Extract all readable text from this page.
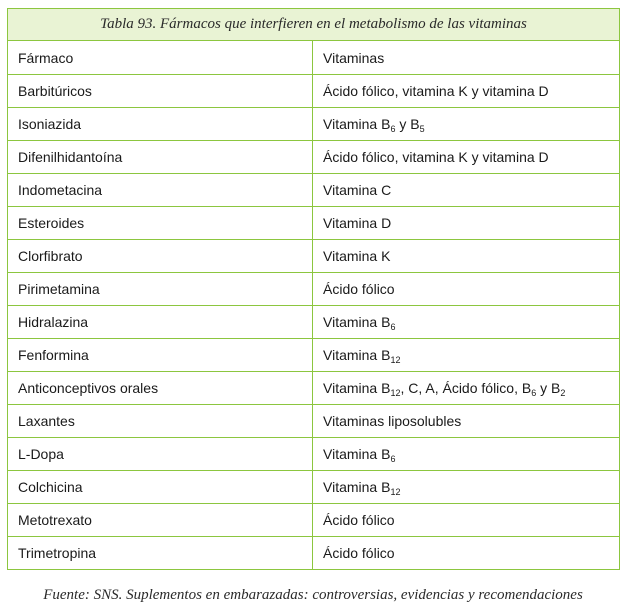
Tabla 93. Fármacos que interfieren en el metabolismo de las vitaminas	
Fármaco	Vitaminas
Barbitúricos	Ácido fólico, vitamina K y vitamina D
Isoniazida	Vitamina $B_6$ y $B_5$
Difenilhidantoína	Ácido fólico, vitamina K y vitamina D
Indometacina	Vitamina C
Esteroides	Vitamina D
Clorfibrato	Vitamina K
Pirimetamina	Ácido fólico
Hidralazina	Vitamina $B_6$
Fenformina	Vitamina $B_{12}$
Anticonceptivos orales	Vitamina $B_{12}$, C, A, Ácido fólico, $B_6$ y $B_2$
Laxantes	Vitaminas liposolubles
L-Dopa	Vitamina $B_6$
Colchicina	Vitamina $B_{12}$
Metotrexato	Ácido fólico
Trimetropina	Ácido fólico
Fuente: SNS. Suplementos en embarazadas: controversias, evidencias y recomendaciones
